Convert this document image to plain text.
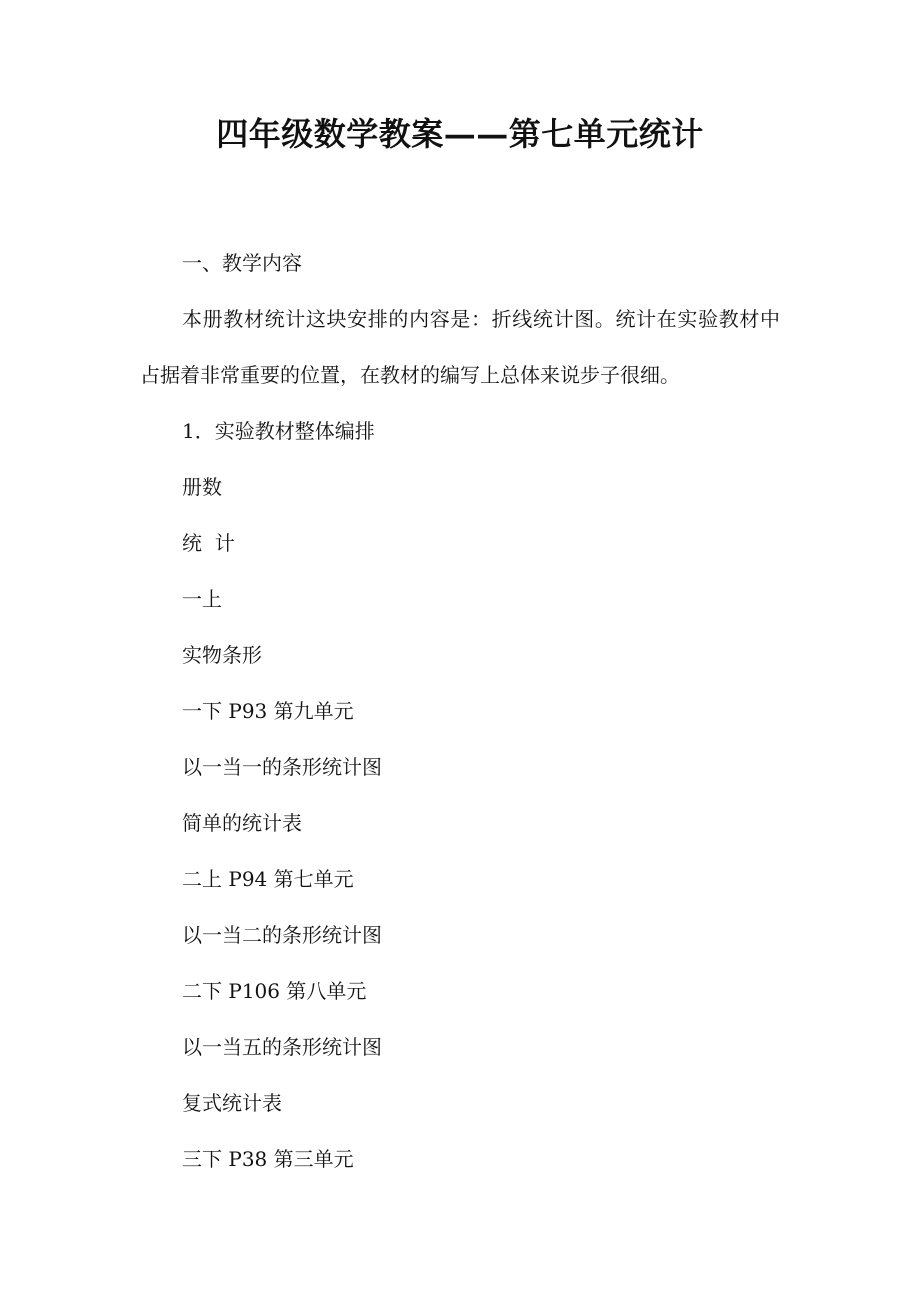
四年级数学教案——第七单元统计

一、教学内容

本册教材统计这块安排的内容是：折线统计图。统计在实验教材中占据着非常重要的位置，在教材的编写上总体来说步子很细。

1．实验教材整体编排

册数

统  计

一上

实物条形

一下 P93 第九单元

以一当一的条形统计图

简单的统计表

二上 P94 第七单元

以一当二的条形统计图

二下 P106 第八单元

以一当五的条形统计图

复式统计表

三下 P38 第三单元
